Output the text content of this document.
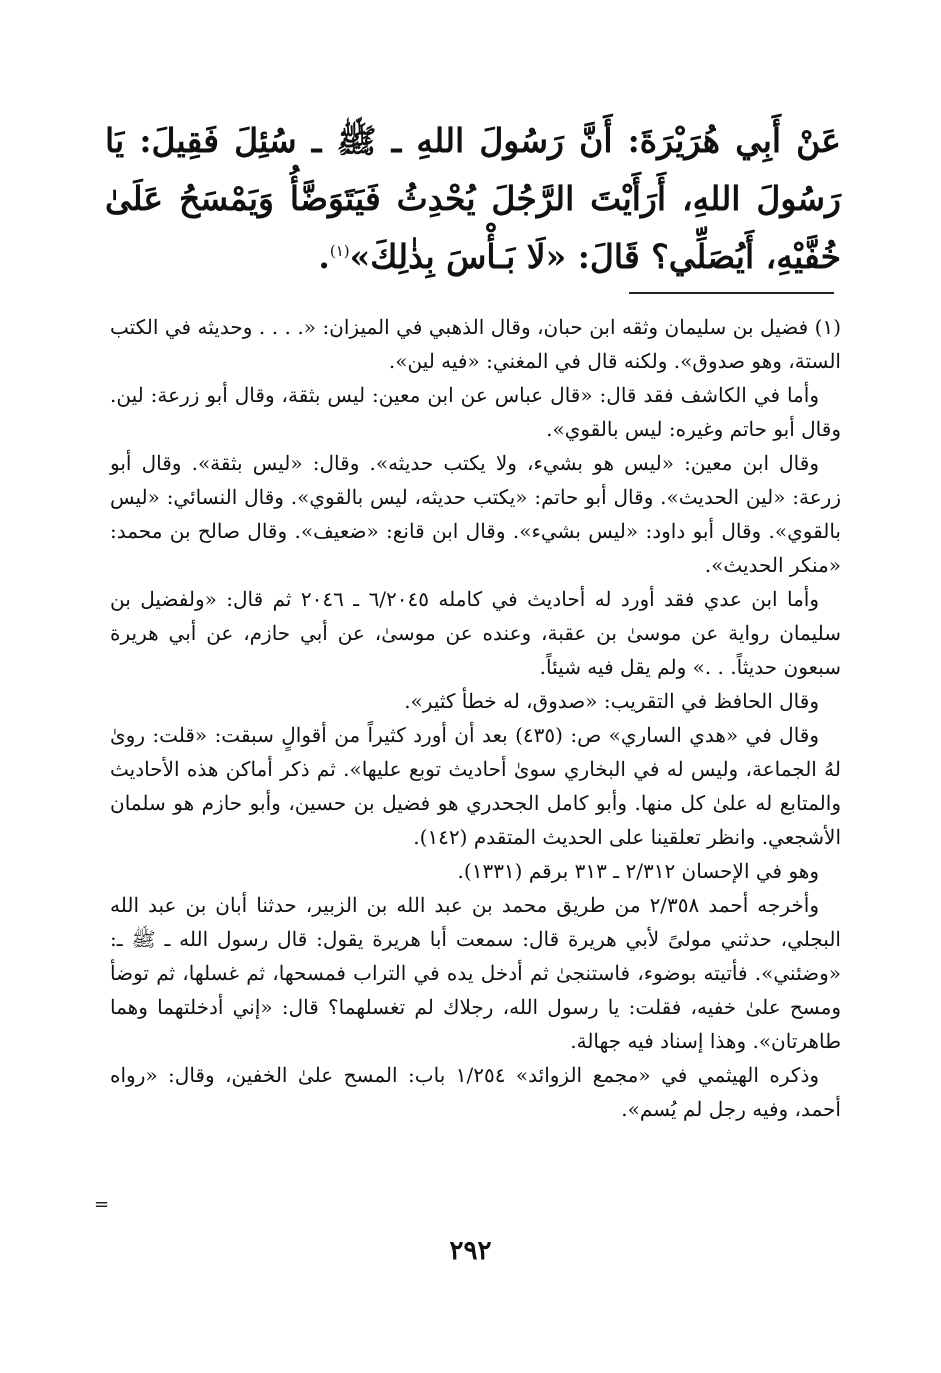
عَنْ أَبِي هُرَيْرَةَ: أَنَّ رَسُولَ اللهِ ـ ﷺ ـ سُئِلَ فَقِيلَ: يَا رَسُولَ اللهِ، أَرَأَيْتَ الرَّجُلَ يُحْدِثُ فَيَتَوَضَّأُ وَيَمْسَحُ عَلَىٰ خُفَّيْهِ، أَيُصَلِّي؟ قَالَ: «لَا بَـأْسَ بِذٰلِكَ»$^{(١)}$.

(١) فضيل بن سليمان وثقه ابن حبان، وقال الذهبي في الميزان: «. . . . وحديثه في الكتب الستة، وهو صدوق». ولكنه قال في المغني: «فيه لين».

وأما في الكاشف فقد قال: «قال عباس عن ابن معين: ليس بثقة، وقال أبو زرعة: لين. وقال أبو حاتم وغيره: ليس بالقوي».

وقال ابن معين: «ليس هو بشيء، ولا يكتب حديثه». وقال: «ليس بثقة». وقال أبو زرعة: «لين الحديث». وقال أبو حاتم: «يكتب حديثه، ليس بالقوي». وقال النسائي: «ليس بالقوي». وقال أبو داود: «ليس بشيء». وقال ابن قانع: «ضعيف». وقال صالح بن محمد: «منكر الحديث».

وأما ابن عدي فقد أورد له أحاديث في كامله ٦/٢٠٤٥ ـ ٢٠٤٦ ثم قال: «ولفضيل بن سليمان رواية عن موسىٰ بن عقبة، وعنده عن موسىٰ، عن أبي حازم، عن أبي هريرة سبعون حديثاً. . .» ولم يقل فيه شيئاً.

وقال الحافظ في التقريب: «صدوق، له خطأ كثير».

وقال في «هدي الساري» ص: (٤٣٥) بعد أن أورد كثيراً من أقوالٍ سبقت: «قلت: روىٰ لهُ الجماعة، وليس له في البخاري سوىٰ أحاديث توبع عليها». ثم ذكر أماكن هذه الأحاديث والمتابع له علىٰ كل منها. وأبو كامل الجحدري هو فضيل بن حسين، وأبو حازم هو سلمان الأشجعي. وانظر تعلقينا على الحديث المتقدم (١٤٢).

وهو في الإحسان ٢/٣١٢ ـ ٣١٣ برقم (١٣٣١).

وأخرجه أحمد ٢/٣٥٨ من طريق محمد بن عبد الله بن الزبير، حدثنا أبان بن عبد الله البجلي، حدثني مولىً لأبي هريرة قال: سمعت أبا هريرة يقول: قال رسول الله ـ ﷺ ـ: «وضئني». فأتيته بوضوء، فاستنجىٰ ثم أدخل يده في التراب فمسحها، ثم غسلها، ثم توضأ ومسح علىٰ خفيه، فقلت: يا رسول الله، رجلاك لم تغسلهما؟ قال: «إني أدخلتهما وهما طاهرتان». وهذا إسناد فيه جهالة.

وذكره الهيثمي في «مجمع الزوائد» ١/٢٥٤ باب: المسح علىٰ الخفين، وقال: «رواه أحمد، وفيه رجل لم يُسم».

=
٢٩٢
